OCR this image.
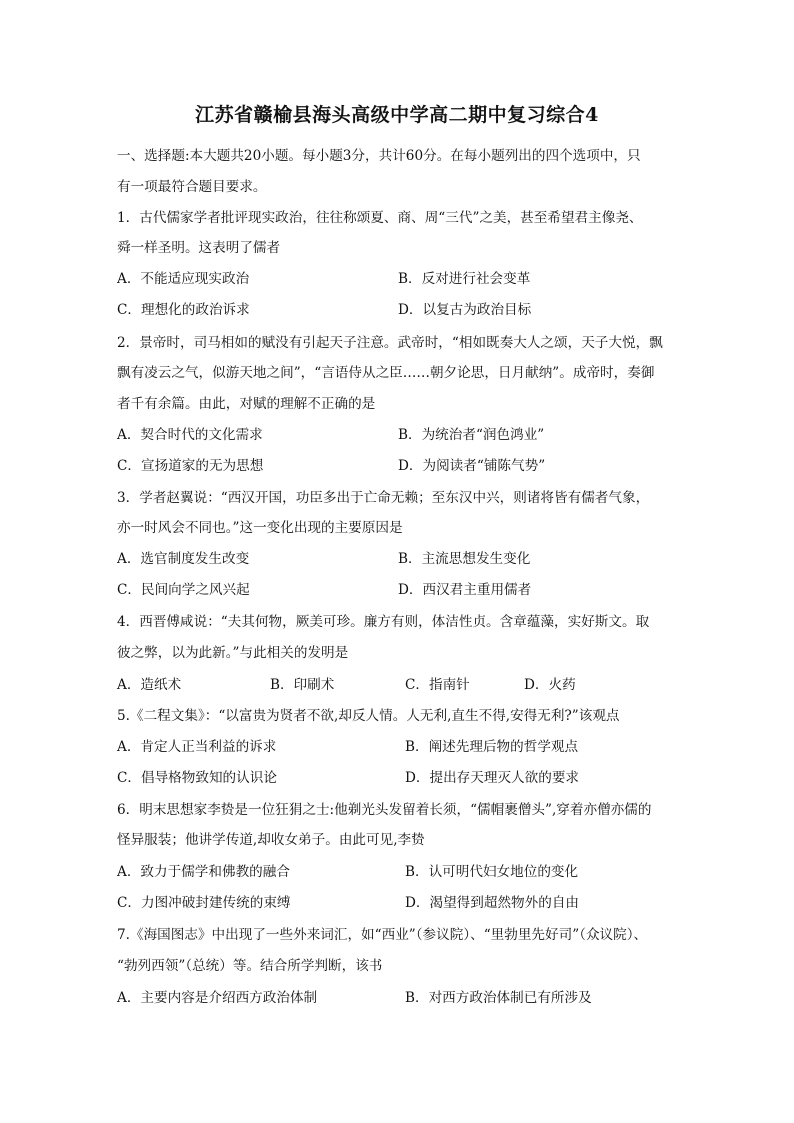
江苏省赣榆县海头高级中学高二期中复习综合4
一、选择题:本大题共20小题。每小题3分，共计60分。在每小题列出的四个选项中，只
有一项最符合题目要求。
1．古代儒家学者批评现实政治，往往称颂夏、商、周“三代”之美，甚至希望君主像尧、
舜一样圣明。这表明了儒者
A．不能适应现实政治	B．反对进行社会变革
C．理想化的政治诉求	D．以复古为政治目标
2．景帝时，司马相如的赋没有引起天子注意。武帝时，“相如既奏大人之颂，天子大悦，飘
飘有凌云之气，似游天地之间”，“言语侍从之臣……朝夕论思，日月献纳”。成帝时，奏御
者千有余篇。由此，对赋的理解不正确的是
A．契合时代的文化需求	B．为统治者“润色鸿业”
C．宣扬道家的无为思想	D．为阅读者“铺陈气势”
3．学者赵翼说：“西汉开国，功臣多出于亡命无赖；至东汉中兴，则诸将皆有儒者气象，
亦一时风会不同也。”这一变化出现的主要原因是
A．选官制度发生改变	B．主流思想发生变化
C．民间向学之风兴起	D．西汉君主重用儒者
4．西晋傅咸说：“夫其何物，厥美可珍。廉方有则，体洁性贞。含章蕴藻，实好斯文。取
彼之弊，以为此新。”与此相关的发明是
A．造纸术	B．印刷术	C．指南针	D．火药
5.《二程文集》：“以富贵为贤者不欲,却反人情。人无利,直生不得,安得无利?”该观点
A．肯定人正当利益的诉求	B．阐述先理后物的哲学观点
C．倡导格物致知的认识论	D．提出存天理灭人欲的要求
6．明末思想家李贽是一位狂狷之士:他剃光头发留着长须，“儒帽裹僧头”,穿着亦僧亦儒的
怪异服装；他讲学传道,却收女弟子。由此可见,李贽
A．致力于儒学和佛教的融合	B．认可明代妇女地位的变化
C．力图冲破封建传统的束缚	D．渴望得到超然物外的自由
7.《海国图志》中出现了一些外来词汇，如“西业”（参议院）、“里勃里先好司”（众议院）、
“勃列西领”（总统）等。结合所学判断，该书
A．主要内容是介绍西方政治体制	B．对西方政治体制已有所涉及
